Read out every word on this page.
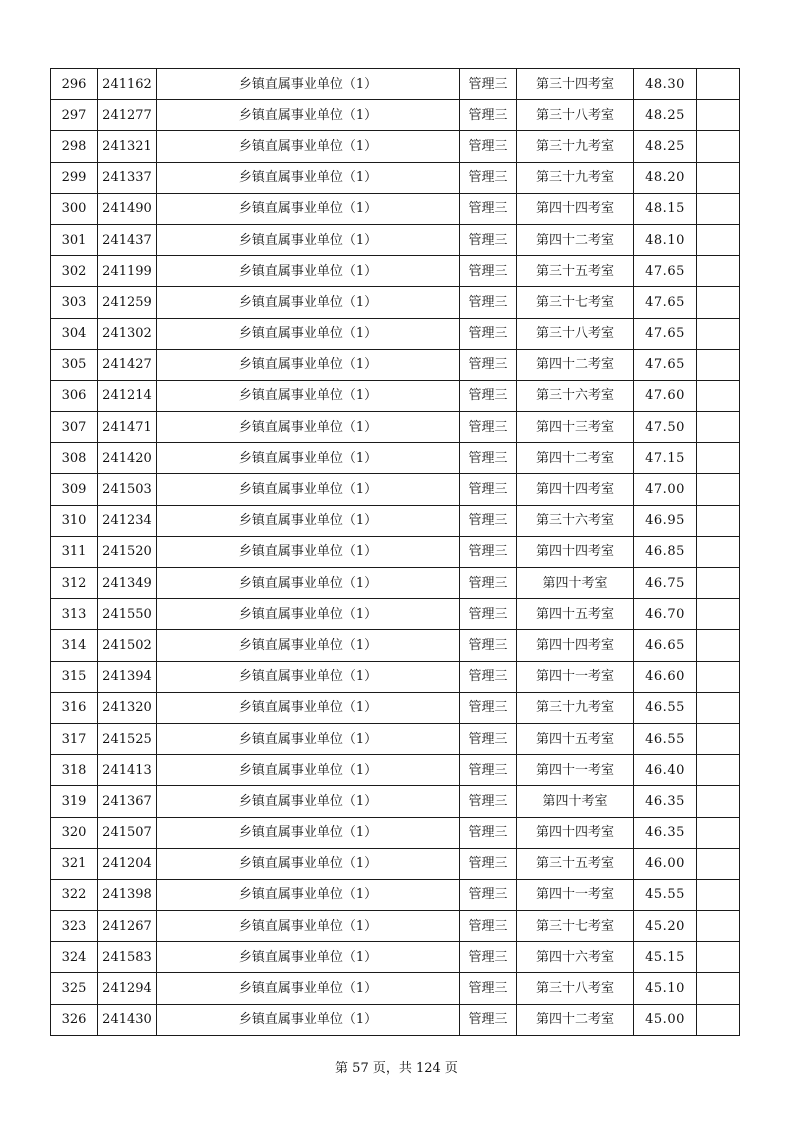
296	241162	乡镇直属事业单位（1）	管理三	第三十四考室	48.30	
297	241277	乡镇直属事业单位（1）	管理三	第三十八考室	48.25	
298	241321	乡镇直属事业单位（1）	管理三	第三十九考室	48.25	
299	241337	乡镇直属事业单位（1）	管理三	第三十九考室	48.20	
300	241490	乡镇直属事业单位（1）	管理三	第四十四考室	48.15	
301	241437	乡镇直属事业单位（1）	管理三	第四十二考室	48.10	
302	241199	乡镇直属事业单位（1）	管理三	第三十五考室	47.65	
303	241259	乡镇直属事业单位（1）	管理三	第三十七考室	47.65	
304	241302	乡镇直属事业单位（1）	管理三	第三十八考室	47.65	
305	241427	乡镇直属事业单位（1）	管理三	第四十二考室	47.65	
306	241214	乡镇直属事业单位（1）	管理三	第三十六考室	47.60	
307	241471	乡镇直属事业单位（1）	管理三	第四十三考室	47.50	
308	241420	乡镇直属事业单位（1）	管理三	第四十二考室	47.15	
309	241503	乡镇直属事业单位（1）	管理三	第四十四考室	47.00	
310	241234	乡镇直属事业单位（1）	管理三	第三十六考室	46.95	
311	241520	乡镇直属事业单位（1）	管理三	第四十四考室	46.85	
312	241349	乡镇直属事业单位（1）	管理三	第四十考室	46.75	
313	241550	乡镇直属事业单位（1）	管理三	第四十五考室	46.70	
314	241502	乡镇直属事业单位（1）	管理三	第四十四考室	46.65	
315	241394	乡镇直属事业单位（1）	管理三	第四十一考室	46.60	
316	241320	乡镇直属事业单位（1）	管理三	第三十九考室	46.55	
317	241525	乡镇直属事业单位（1）	管理三	第四十五考室	46.55	
318	241413	乡镇直属事业单位（1）	管理三	第四十一考室	46.40	
319	241367	乡镇直属事业单位（1）	管理三	第四十考室	46.35	
320	241507	乡镇直属事业单位（1）	管理三	第四十四考室	46.35	
321	241204	乡镇直属事业单位（1）	管理三	第三十五考室	46.00	
322	241398	乡镇直属事业单位（1）	管理三	第四十一考室	45.55	
323	241267	乡镇直属事业单位（1）	管理三	第三十七考室	45.20	
324	241583	乡镇直属事业单位（1）	管理三	第四十六考室	45.15	
325	241294	乡镇直属事业单位（1）	管理三	第三十八考室	45.10	
326	241430	乡镇直属事业单位（1）	管理三	第四十二考室	45.00	
第 57 页，共 124 页
